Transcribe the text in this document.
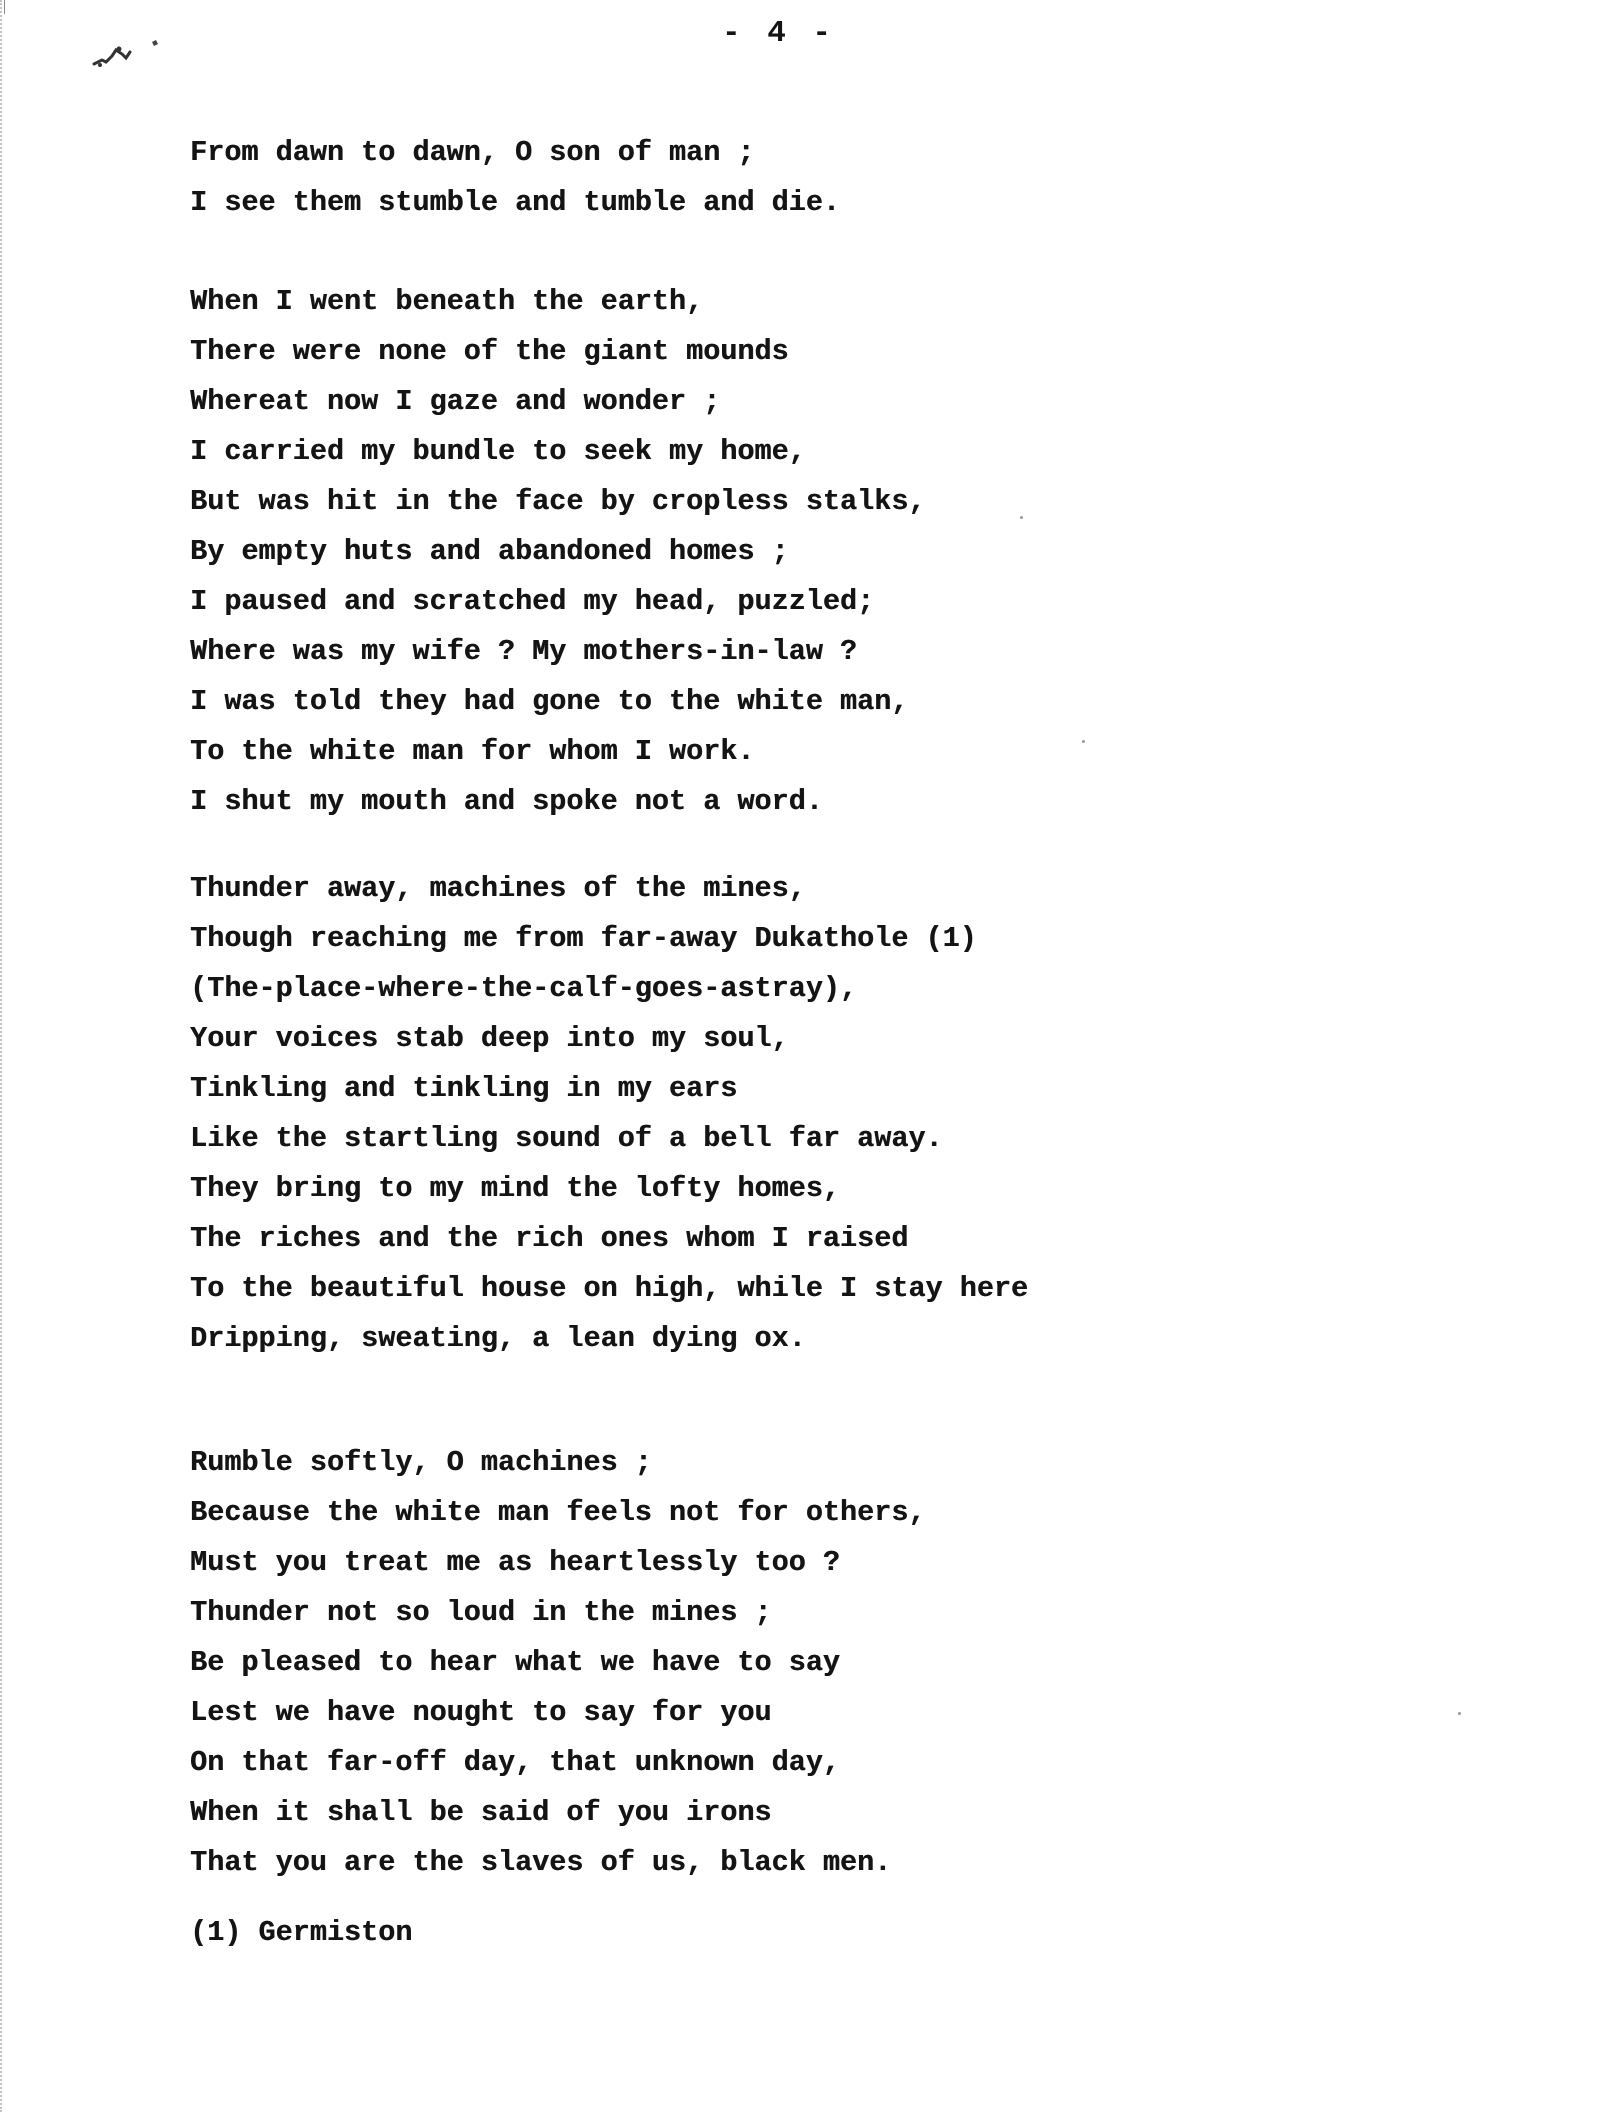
- 4 -
From dawn to dawn, O son of man ;
I see them stumble and tumble and die.
When I went beneath the earth,
There were none of the giant mounds
Whereat now I gaze and wonder ;
I carried my bundle to seek my home,
But was hit in the face by cropless stalks,
By empty huts and abandoned homes ;
I paused and scratched my head, puzzled;
Where was my wife ? My mothers-in-law ?
I was told they had gone to the white man,
To the white man for whom I work.
I shut my mouth and spoke not a word.
Thunder away, machines of the mines,
Though reaching me from far-away Dukathole (1)
(The-place-where-the-calf-goes-astray),
Your voices stab deep into my soul,
Tinkling and tinkling in my ears
Like the startling sound of a bell far away.
They bring to my mind the lofty homes,
The riches and the rich ones whom I raised
To the beautiful house on high, while I stay here
Dripping, sweating, a lean dying ox.
Rumble softly, O machines ;
Because the white man feels not for others,
Must you treat me as heartlessly too ?
Thunder not so loud in the mines ;
Be pleased to hear what we have to say
Lest we have nought to say for you
On that far-off day, that unknown day,
When it shall be said of you irons
That you are the slaves of us, black men.
(1) Germiston
